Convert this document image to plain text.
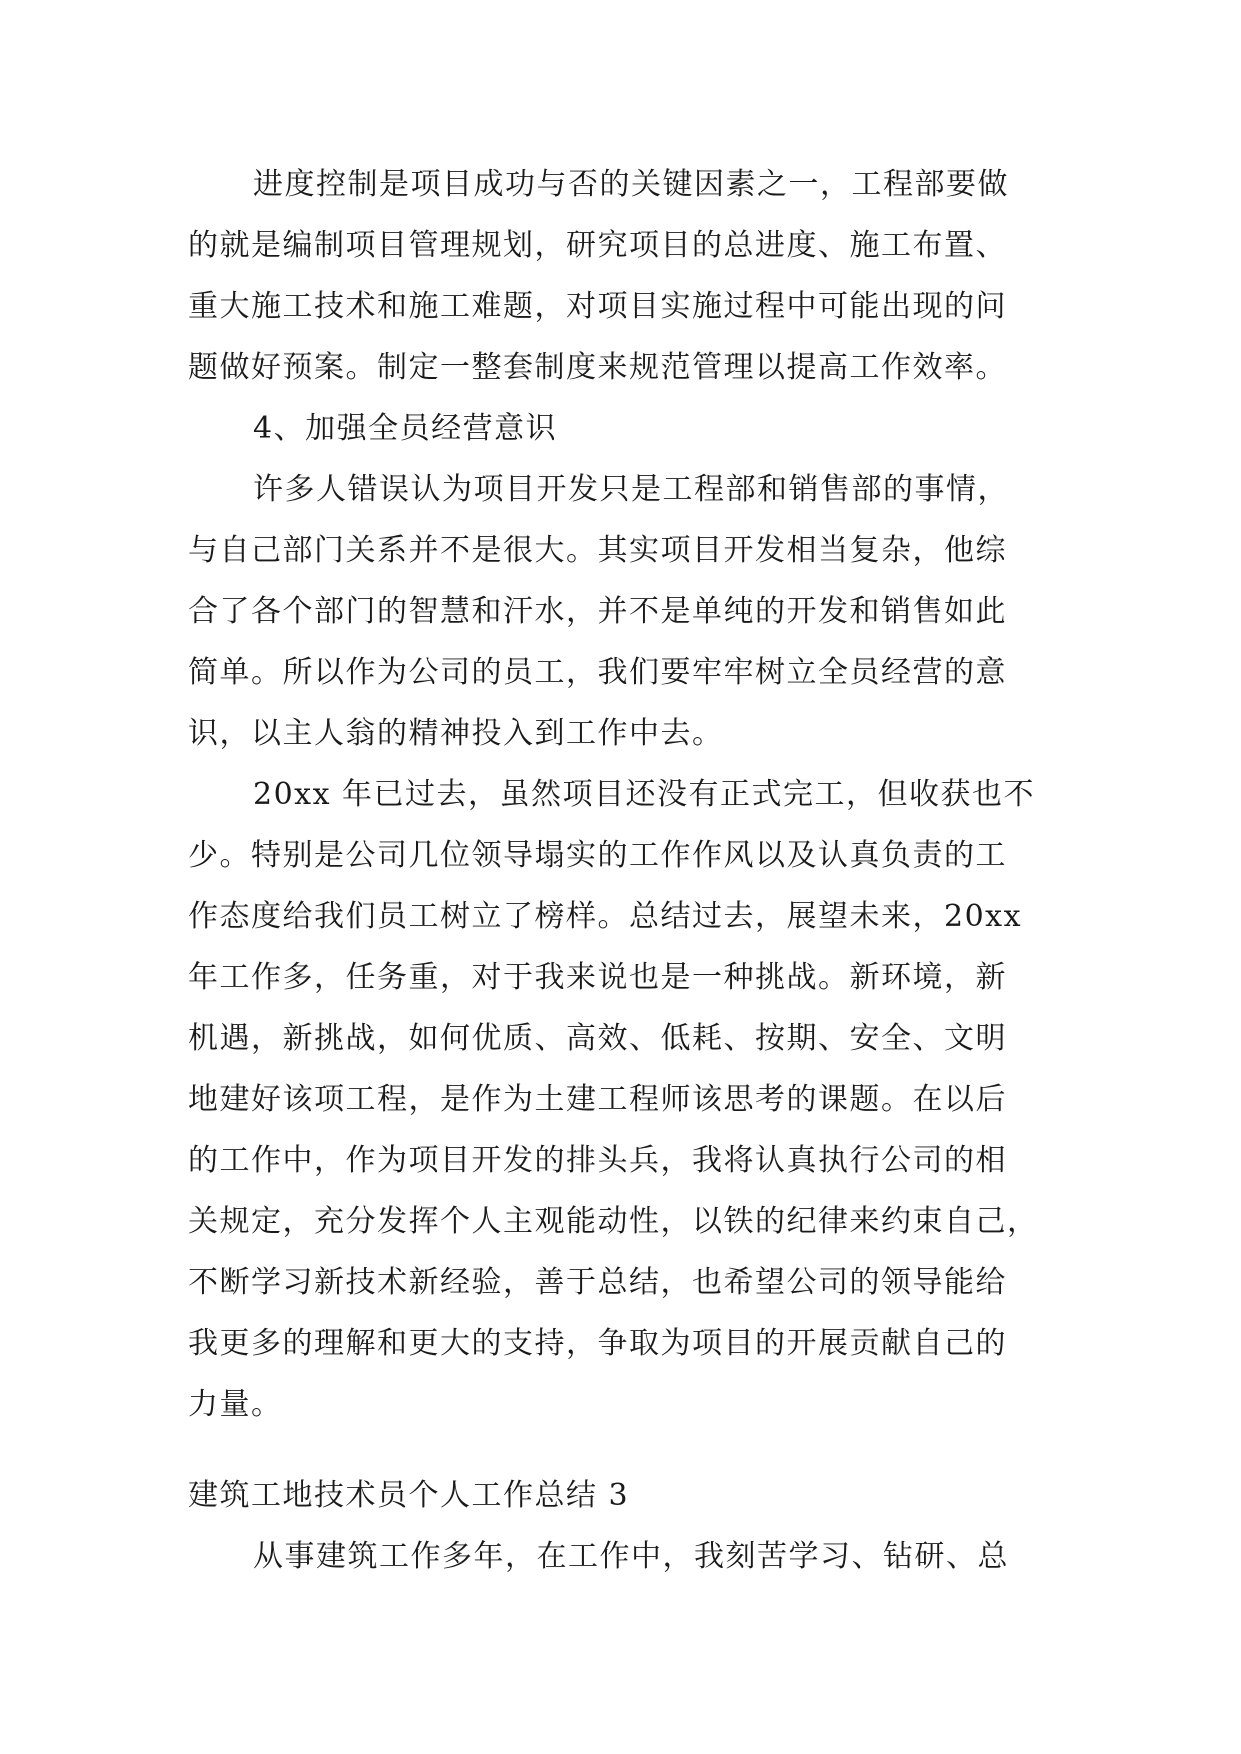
进度控制是项目成功与否的关键因素之一，工程部要做
的就是编制项目管理规划，研究项目的总进度、施工布置、
重大施工技术和施工难题，对项目实施过程中可能出现的问
题做好预案。制定一整套制度来规范管理以提高工作效率。
4、加强全员经营意识
许多人错误认为项目开发只是工程部和销售部的事情，
与自己部门关系并不是很大。其实项目开发相当复杂，他综
合了各个部门的智慧和汗水，并不是单纯的开发和销售如此
简单。所以作为公司的员工，我们要牢牢树立全员经营的意
识，以主人翁的精神投入到工作中去。
20xx 年已过去，虽然项目还没有正式完工，但收获也不
少。特别是公司几位领导塌实的工作作风以及认真负责的工
作态度给我们员工树立了榜样。总结过去，展望未来，20xx
年工作多，任务重，对于我来说也是一种挑战。新环境，新
机遇，新挑战，如何优质、高效、低耗、按期、安全、文明
地建好该项工程，是作为土建工程师该思考的课题。在以后
的工作中，作为项目开发的排头兵，我将认真执行公司的相
关规定，充分发挥个人主观能动性，以铁的纪律来约束自己，
不断学习新技术新经验，善于总结，也希望公司的领导能给
我更多的理解和更大的支持，争取为项目的开展贡献自己的
力量。
建筑工地技术员个人工作总结 3
从事建筑工作多年，在工作中，我刻苦学习、钻研、总
